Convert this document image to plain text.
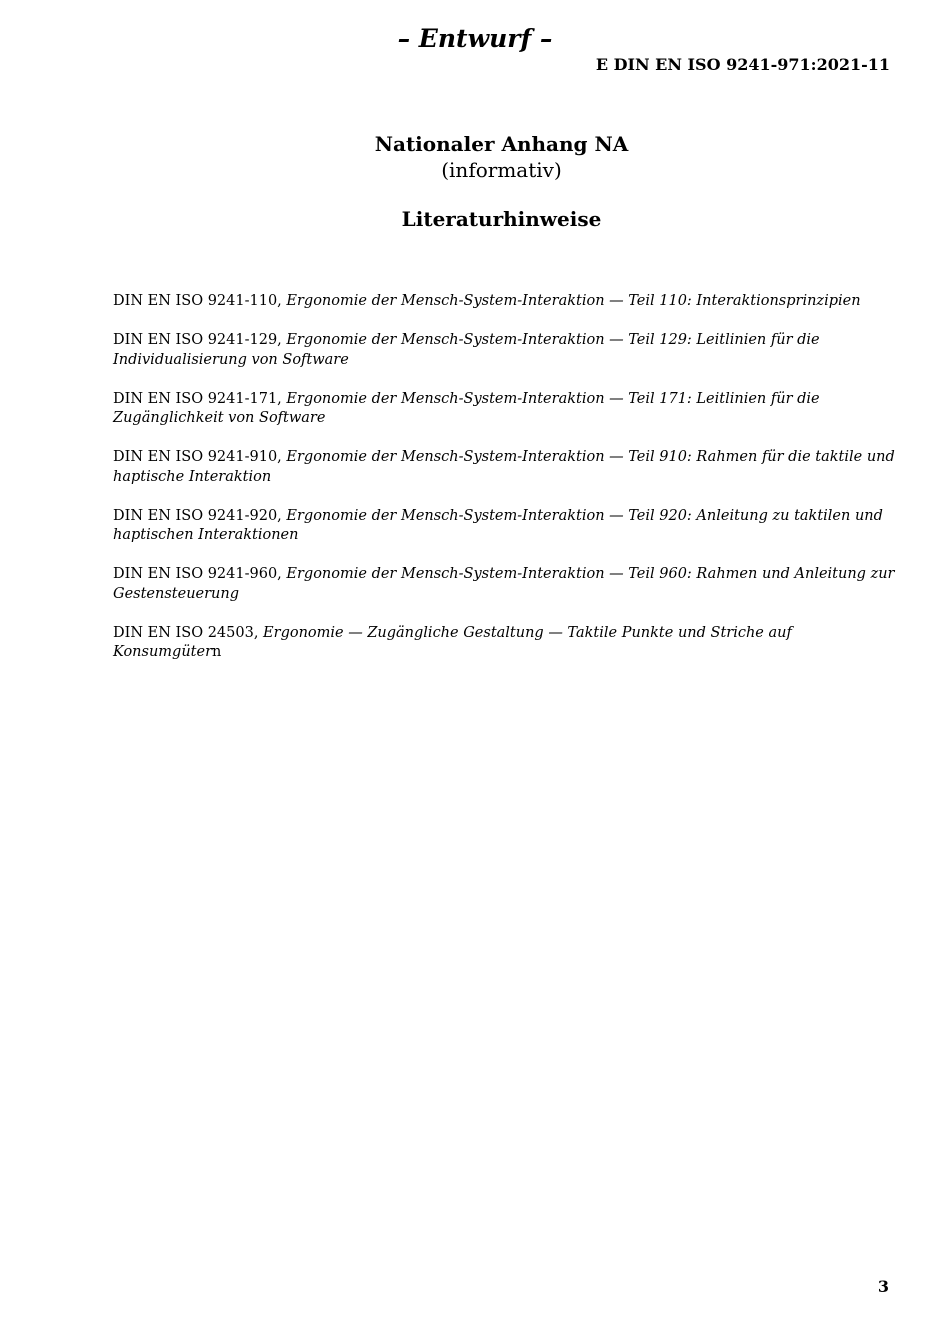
– Entwurf –
E DIN EN ISO 9241-971:2021-11
Nationaler Anhang NA
(informativ)
Literaturhinweise

DIN EN ISO 9241-110, Ergonomie der Mensch-System-Interaktion — Teil 110: Interaktionsprinzipien

DIN EN ISO 9241-129, Ergonomie der Mensch-System-Interaktion — Teil 129: Leitlinien für die Individualisierung von Software

DIN EN ISO 9241-171, Ergonomie der Mensch-System-Interaktion — Teil 171: Leitlinien für die Zugänglichkeit von Software

DIN EN ISO 9241-910, Ergonomie der Mensch-System-Interaktion — Teil 910: Rahmen für die taktile und haptische Interaktion

DIN EN ISO 9241-920, Ergonomie der Mensch-System-Interaktion — Teil 920: Anleitung zu taktilen und haptischen Interaktionen

DIN EN ISO 9241-960, Ergonomie der Mensch-System-Interaktion — Teil 960: Rahmen und Anleitung zur Gestensteuerung

DIN EN ISO 24503, Ergonomie — Zugängliche Gestaltung — Taktile Punkte und Striche auf Konsumgütern

3
